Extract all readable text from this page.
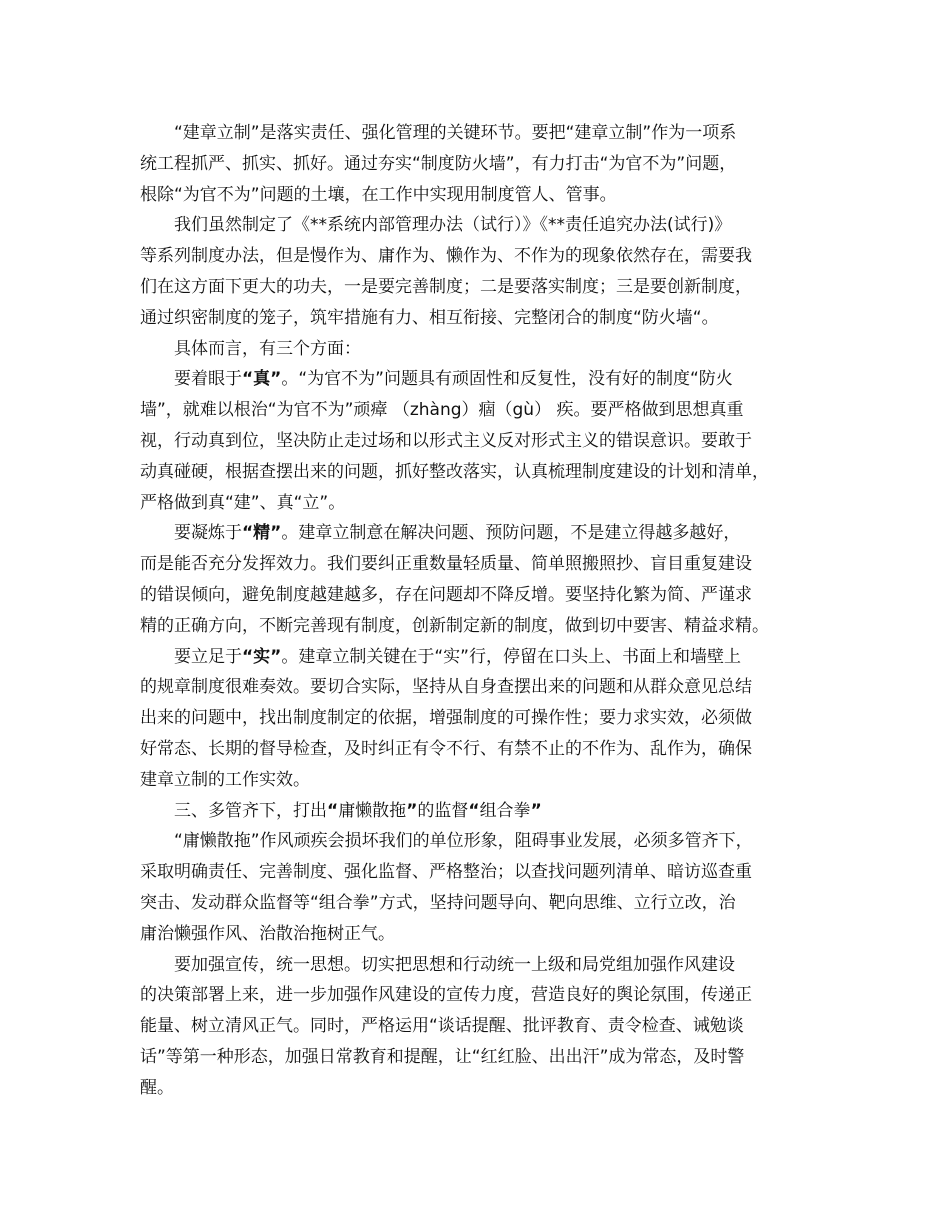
“建章立制”是落实责任、强化管理的关键环节。要把“建章立制”作为一项系
统工程抓严、抓实、抓好。通过夯实“制度防火墙”，有力打击“为官不为”问题，
根除“为官不为”问题的土壤，在工作中实现用制度管人、管事。
我们虽然制定了《**系统内部管理办法（试行）》《**责任追究办法(试行)》
等系列制度办法，但是慢作为、庸作为、懒作为、不作为的现象依然存在，需要我
们在这方面下更大的功夫，一是要完善制度；二是要落实制度；三是要创新制度，
通过织密制度的笼子，筑牢措施有力、相互衔接、完整闭合的制度“防火墙“。
具体而言，有三个方面：
要着眼于“真”。“为官不为”问题具有顽固性和反复性，没有好的制度“防火
墙”，就难以根治“为官不为”顽瘴 （zhàng）痼（gù） 疾。要严格做到思想真重
视，行动真到位，坚决防止走过场和以形式主义反对形式主义的错误意识。要敢于
动真碰硬，根据查摆出来的问题，抓好整改落实，认真梳理制度建设的计划和清单，
严格做到真“建”、真“立”。
要凝炼于“精”。建章立制意在解决问题、预防问题，不是建立得越多越好，
而是能否充分发挥效力。我们要纠正重数量轻质量、简单照搬照抄、盲目重复建设
的错误倾向，避免制度越建越多，存在问题却不降反增。要坚持化繁为简、严谨求
精的正确方向，不断完善现有制度，创新制定新的制度，做到切中要害、精益求精。
要立足于“实”。建章立制关键在于“实”行，停留在口头上、书面上和墙壁上
的规章制度很难奏效。要切合实际，坚持从自身查摆出来的问题和从群众意见总结
出来的问题中，找出制度制定的依据，增强制度的可操作性；要力求实效，必须做
好常态、长期的督导检查，及时纠正有令不行、有禁不止的不作为、乱作为，确保
建章立制的工作实效。
三、多管齐下，打出“庸懒散拖”的监督“组合拳”
“庸懒散拖”作风顽疾会损坏我们的单位形象，阻碍事业发展，必须多管齐下，
采取明确责任、完善制度、强化监督、严格整治；以查找问题列清单、暗访巡查重
突击、发动群众监督等“组合拳”方式，坚持问题导向、靶向思维、立行立改，治
庸治懒强作风、治散治拖树正气。
要加强宣传，统一思想。切实把思想和行动统一上级和局党组加强作风建设
的决策部署上来，进一步加强作风建设的宣传力度，营造良好的舆论氛围，传递正
能量、树立清风正气。同时，严格运用“谈话提醒、批评教育、责令检查、诫勉谈
话”等第一种形态，加强日常教育和提醒，让“红红脸、出出汗”成为常态，及时警
醒。
